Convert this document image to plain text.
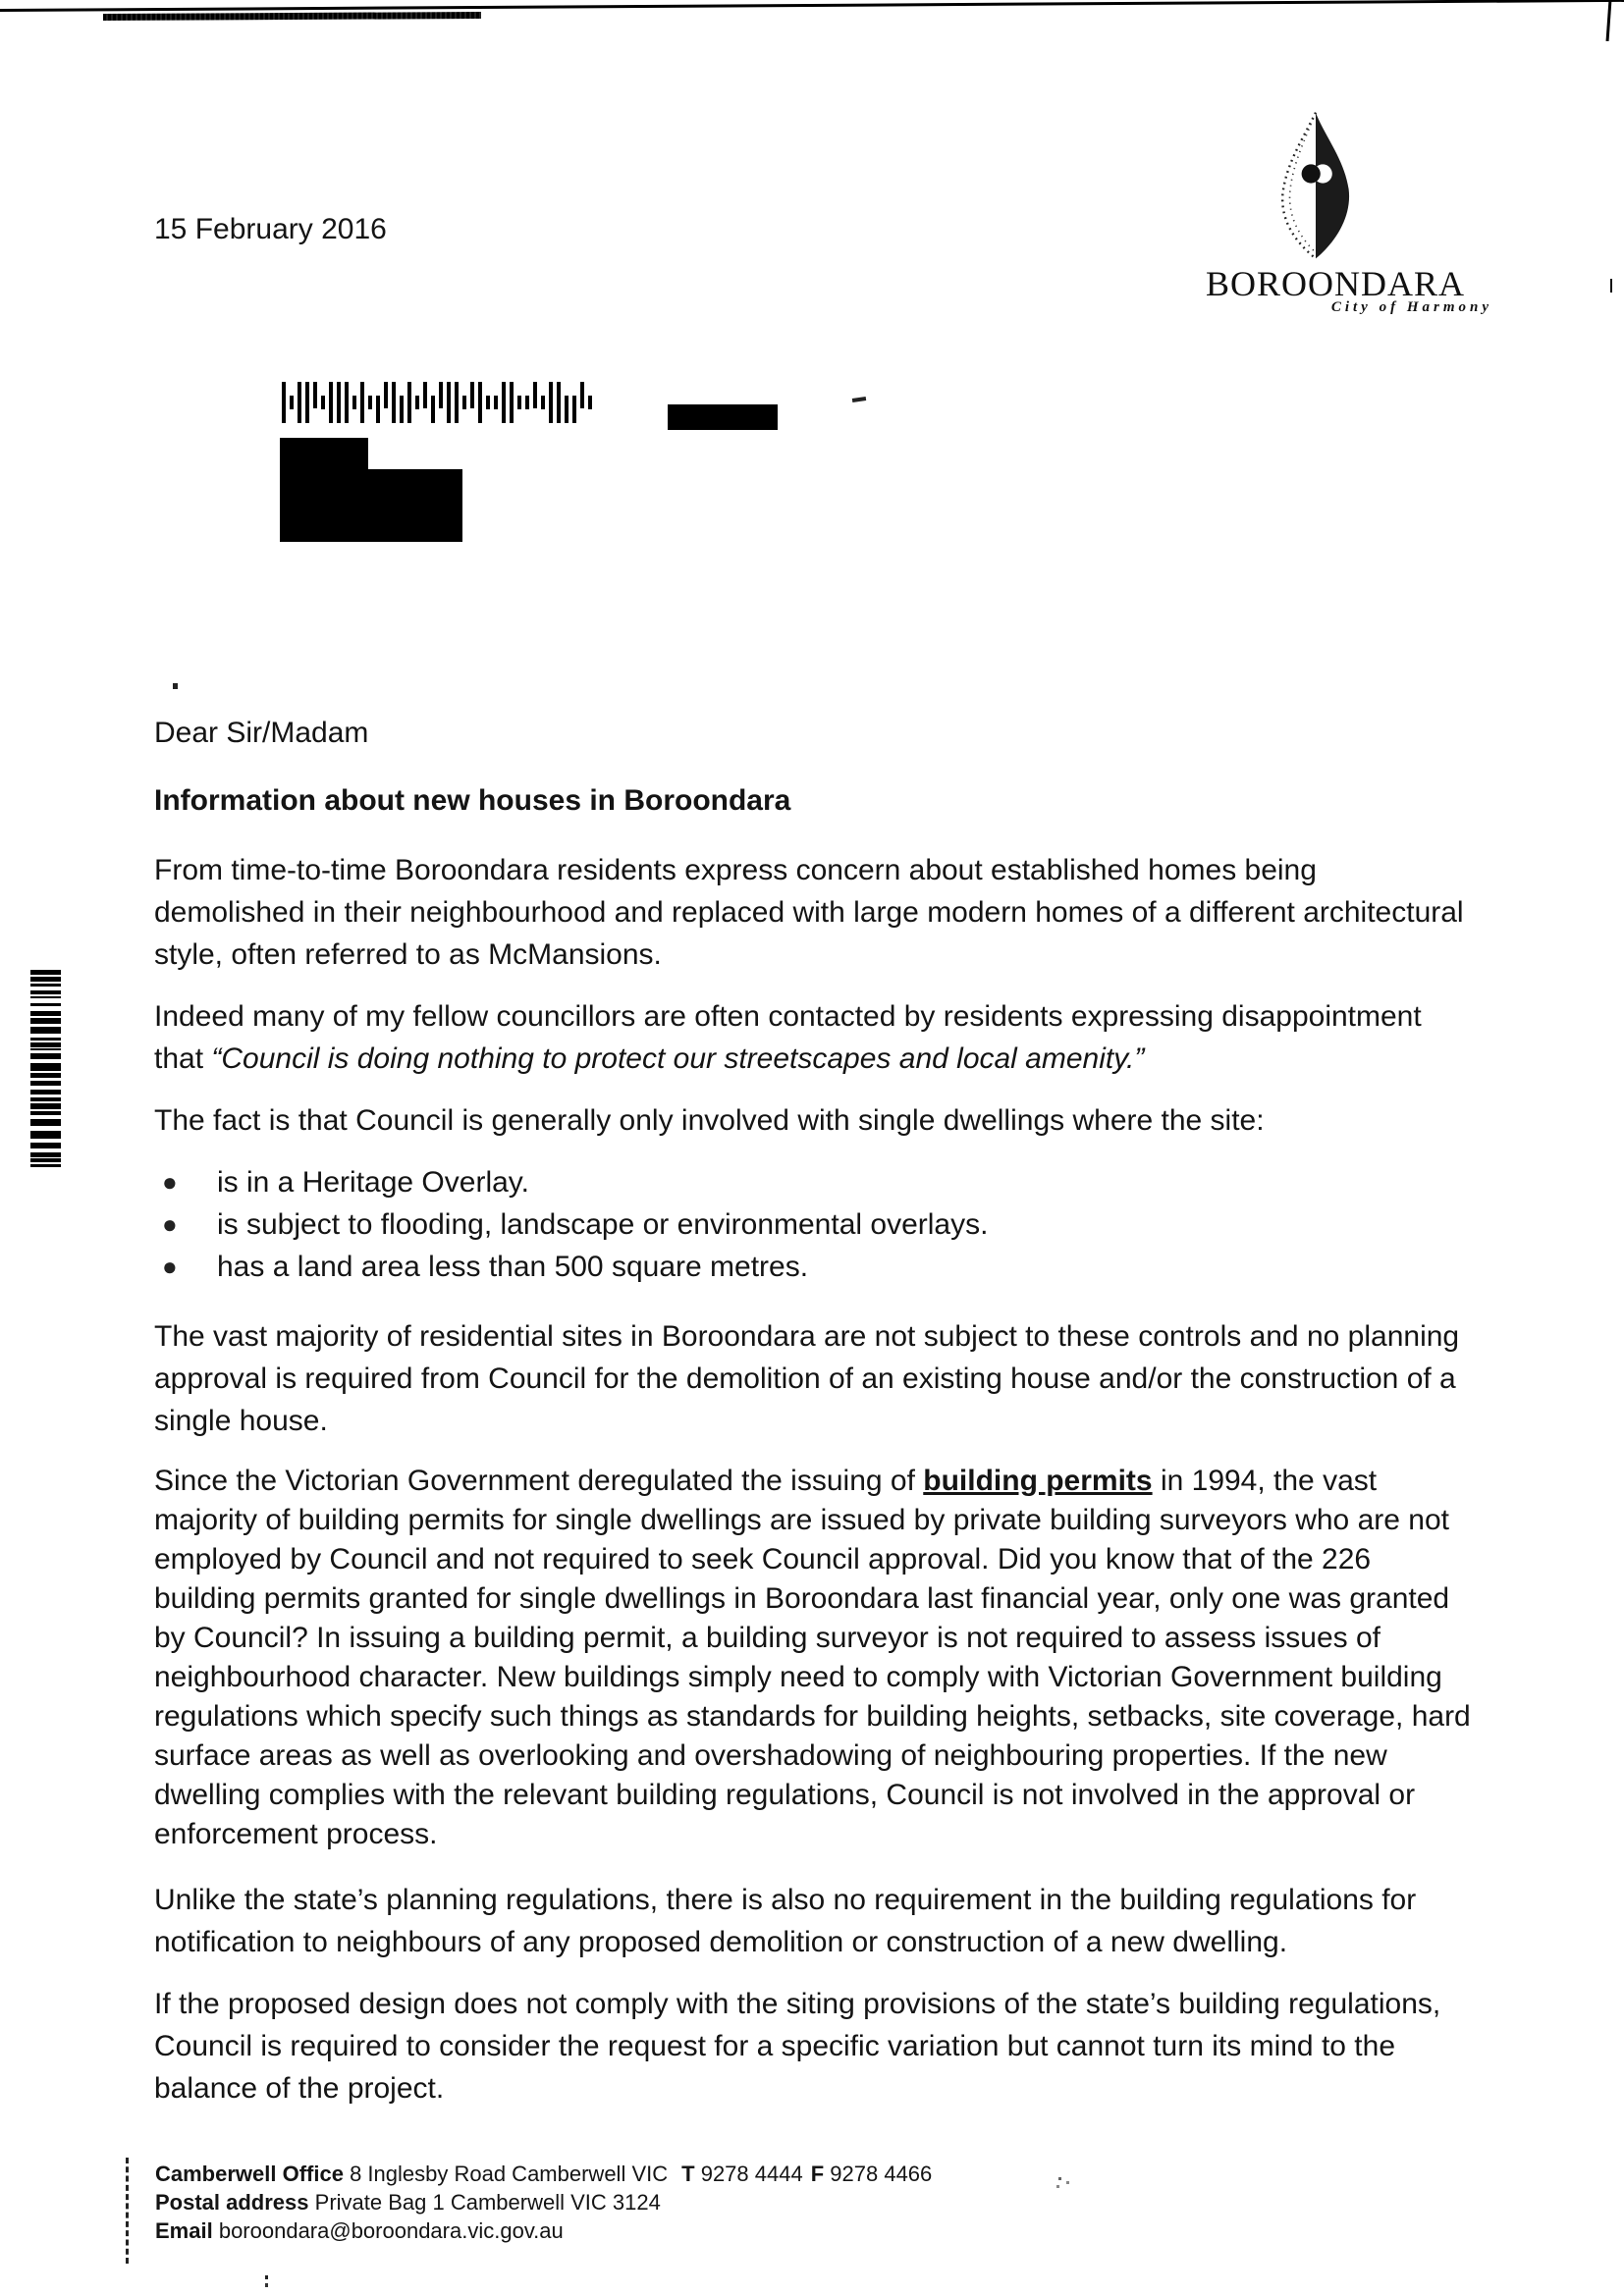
15 February 2016
BOROONDARA
City of Harmony
Dear Sir/Madam
Information about new houses in Boroondara

From time-to-time Boroondara residents express concern about established homes being demolished in their neighbourhood and replaced with large modern homes of a different architectural style, often referred to as McMansions.

Indeed many of my fellow councillors are often contacted by residents expressing disappointment that “Council is doing nothing to protect our streetscapes and local amenity.”

The fact is that Council is generally only involved with single dwellings where the site:

●	is in a Heritage Overlay.
●	is subject to flooding, landscape or environmental overlays.
●	has a land area less than 500 square metres.

The vast majority of residential sites in Boroondara are not subject to these controls and no planning approval is required from Council for the demolition of an existing house and/or the construction of a single house.

Since the Victorian Government deregulated the issuing of building permits in 1994, the vast majority of building permits for single dwellings are issued by private building surveyors who are not employed by Council and not required to seek Council approval. Did you know that of the 226 building permits granted for single dwellings in Boroondara last financial year, only one was granted by Council? In issuing a building permit, a building surveyor is not required to assess issues of neighbourhood character. New buildings simply need to comply with Victorian Government building regulations which specify such things as standards for building heights, setbacks, site coverage, hard surface areas as well as overlooking and overshadowing of neighbouring properties. If the new dwelling complies with the relevant building regulations, Council is not involved in the approval or enforcement process.

Unlike the state’s planning regulations, there is also no requirement in the building regulations for notification to neighbours of any proposed demolition or construction of a new dwelling.

If the proposed design does not comply with the siting provisions of the state’s building regulations, Council is required to consider the request for a specific variation but cannot turn its mind to the balance of the project.

Camberwell Office 8 Inglesby Road Camberwell VIC T 9278 4444 F 9278 4466
Postal address Private Bag 1 Camberwell VIC 3124
Email boroondara@boroondara.vic.gov.au
